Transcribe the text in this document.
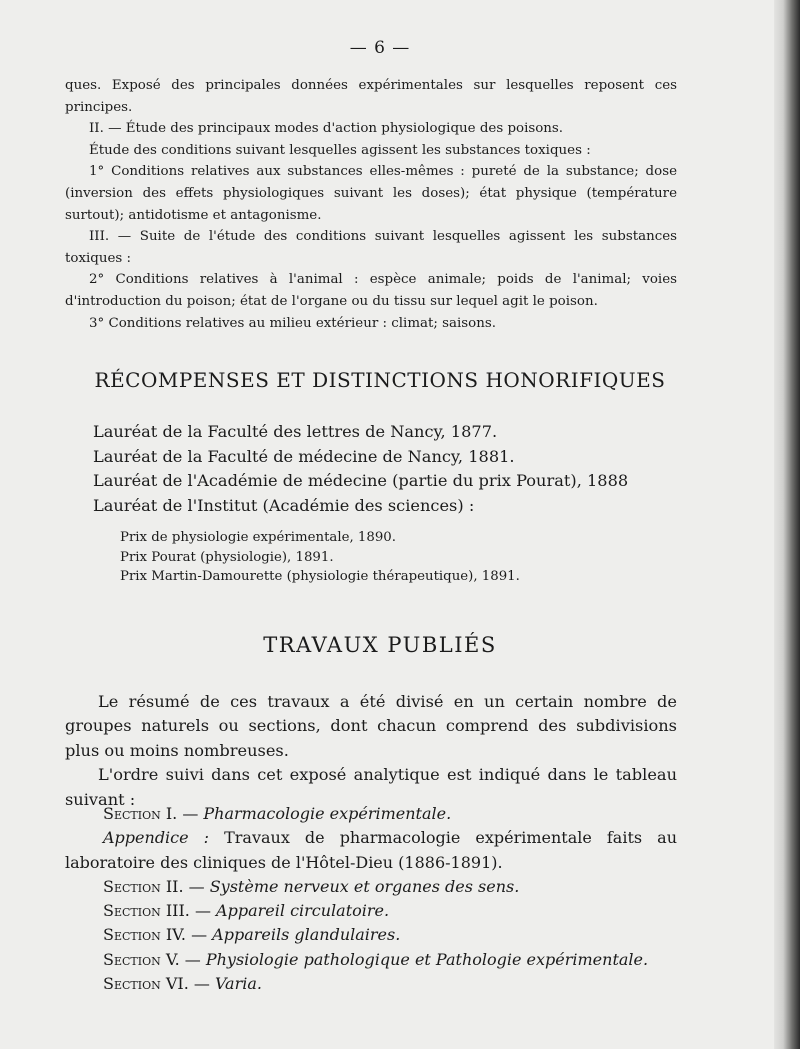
— 6 —

ques. Exposé des principales données expérimentales sur lesquelles reposent ces principes.

II. — Étude des principaux modes d'action physiologique des poisons.

Étude des conditions suivant lesquelles agissent les substances toxiques :

1° Conditions relatives aux substances elles-mêmes : pureté de la substance; dose (inversion des effets physiologiques suivant les doses); état physique (température surtout); antidotisme et antagonisme.

III. — Suite de l'étude des conditions suivant lesquelles agissent les substances toxiques :

2° Conditions relatives à l'animal : espèce animale; poids de l'animal; voies d'introduction du poison; état de l'organe ou du tissu sur lequel agit le poison.

3° Conditions relatives au milieu extérieur : climat; saisons.

RÉCOMPENSES ET DISTINCTIONS HONORIFIQUES

Lauréat de la Faculté des lettres de Nancy, 1877.

Lauréat de la Faculté de médecine de Nancy, 1881.

Lauréat de l'Académie de médecine (partie du prix Pourat), 1888

Lauréat de l'Institut (Académie des sciences) :

Prix de physiologie expérimentale, 1890.

Prix Pourat (physiologie), 1891.

Prix Martin-Damourette (physiologie thérapeutique), 1891.

TRAVAUX PUBLIÉS

Le résumé de ces travaux a été divisé en un certain nombre de groupes naturels ou sections, dont chacun comprend des subdivisions plus ou moins nombreuses.

L'ordre suivi dans cet exposé analytique est indiqué dans le tableau suivant :

Section I. — Pharmacologie expérimentale.

Appendice : Travaux de pharmacologie expérimentale faits au laboratoire des cliniques de l'Hôtel-Dieu (1886-1891).

Section II. — Système nerveux et organes des sens.

Section III. — Appareil circulatoire.

Section IV. — Appareils glandulaires.

Section V. — Physiologie pathologique et Pathologie expérimentale.

Section VI. — Varia.
